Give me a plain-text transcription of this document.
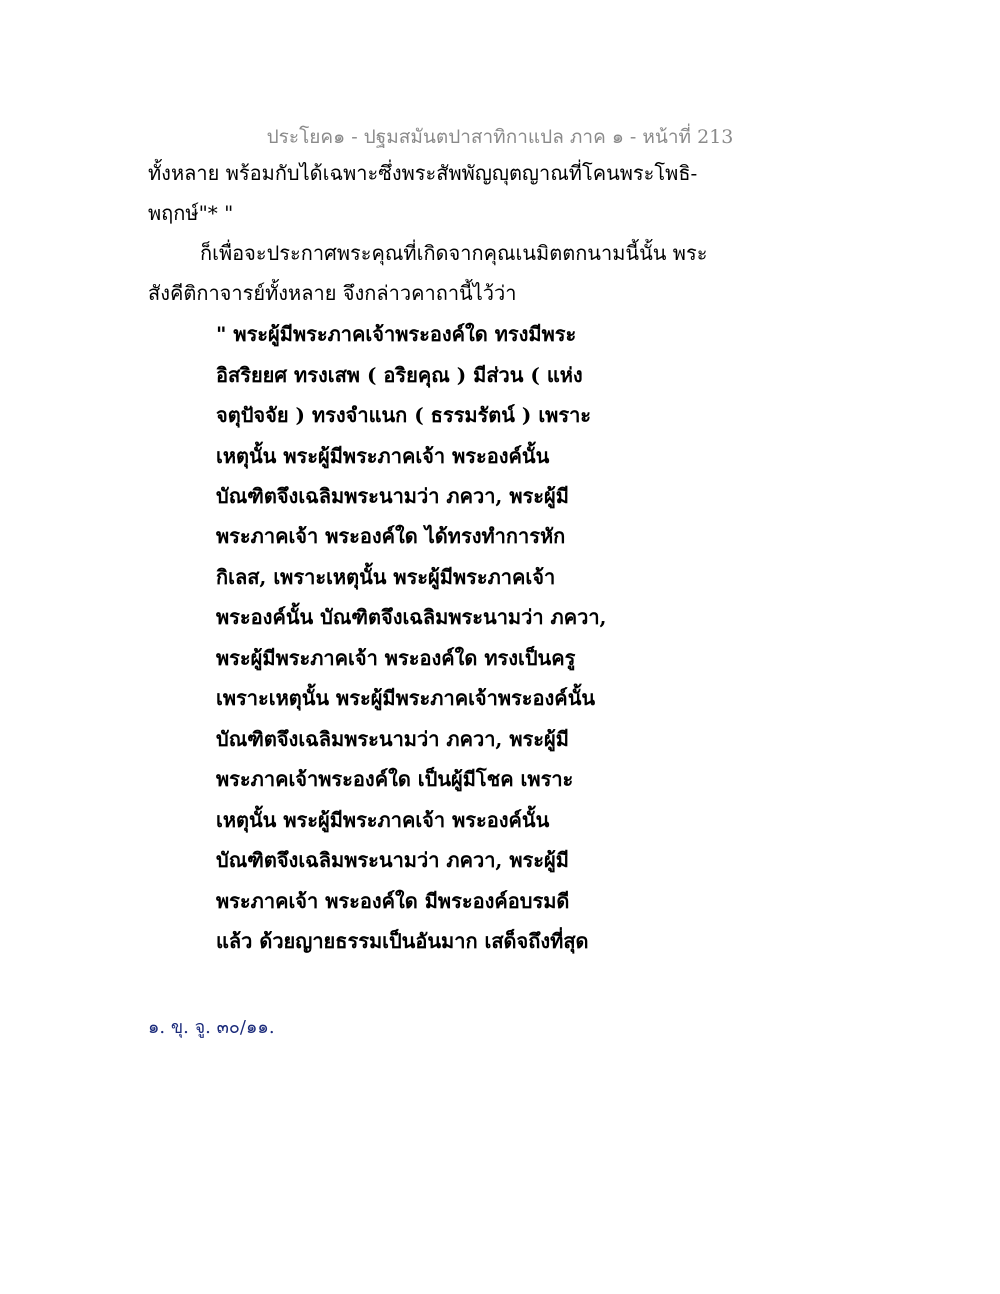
ประโยค๑ - ปฐมสมันตปาสาทิกาแปล ภาค ๑ - หน้าที่ 213
ทั้งหลาย พร้อมกับได้เฉพาะซึ่งพระสัพพัญญุตญาณที่โคนพระโพธิ-
พฤกษ์"* "
ก็เพื่อจะประกาศพระคุณที่เกิดจากคุณเนมิตตกนามนี้นั้น พระ
สังคีติกาจารย์ทั้งหลาย จึงกล่าวคาถานี้ไว้ว่า
" พระผู้มีพระภาคเจ้าพระองค์ใด ทรงมีพระ
อิสริยยศ ทรงเสพ ( อริยคุณ ) มีส่วน ( แห่ง
จตุปัจจัย ) ทรงจำแนก ( ธรรมรัตน์ ) เพราะ
เหตุนั้น พระผู้มีพระภาคเจ้า พระองค์นั้น
บัณฑิตจึงเฉลิมพระนามว่า ภควา, พระผู้มี
พระภาคเจ้า พระองค์ใด ได้ทรงทำการหัก
กิเลส, เพราะเหตุนั้น พระผู้มีพระภาคเจ้า
พระองค์นั้น บัณฑิตจึงเฉลิมพระนามว่า ภควา,
พระผู้มีพระภาคเจ้า พระองค์ใด ทรงเป็นครู
เพราะเหตุนั้น พระผู้มีพระภาคเจ้าพระองค์นั้น
บัณฑิตจึงเฉลิมพระนามว่า ภควา, พระผู้มี
พระภาคเจ้าพระองค์ใด เป็นผู้มีโชค เพราะ
เหตุนั้น พระผู้มีพระภาคเจ้า พระองค์นั้น
บัณฑิตจึงเฉลิมพระนามว่า ภควา, พระผู้มี
พระภาคเจ้า พระองค์ใด มีพระองค์อบรมดี
แล้ว ด้วยญายธรรมเป็นอันมาก เสด็จถึงที่สุด
๑. ขุ. จู. ๓๐/๑๑.
